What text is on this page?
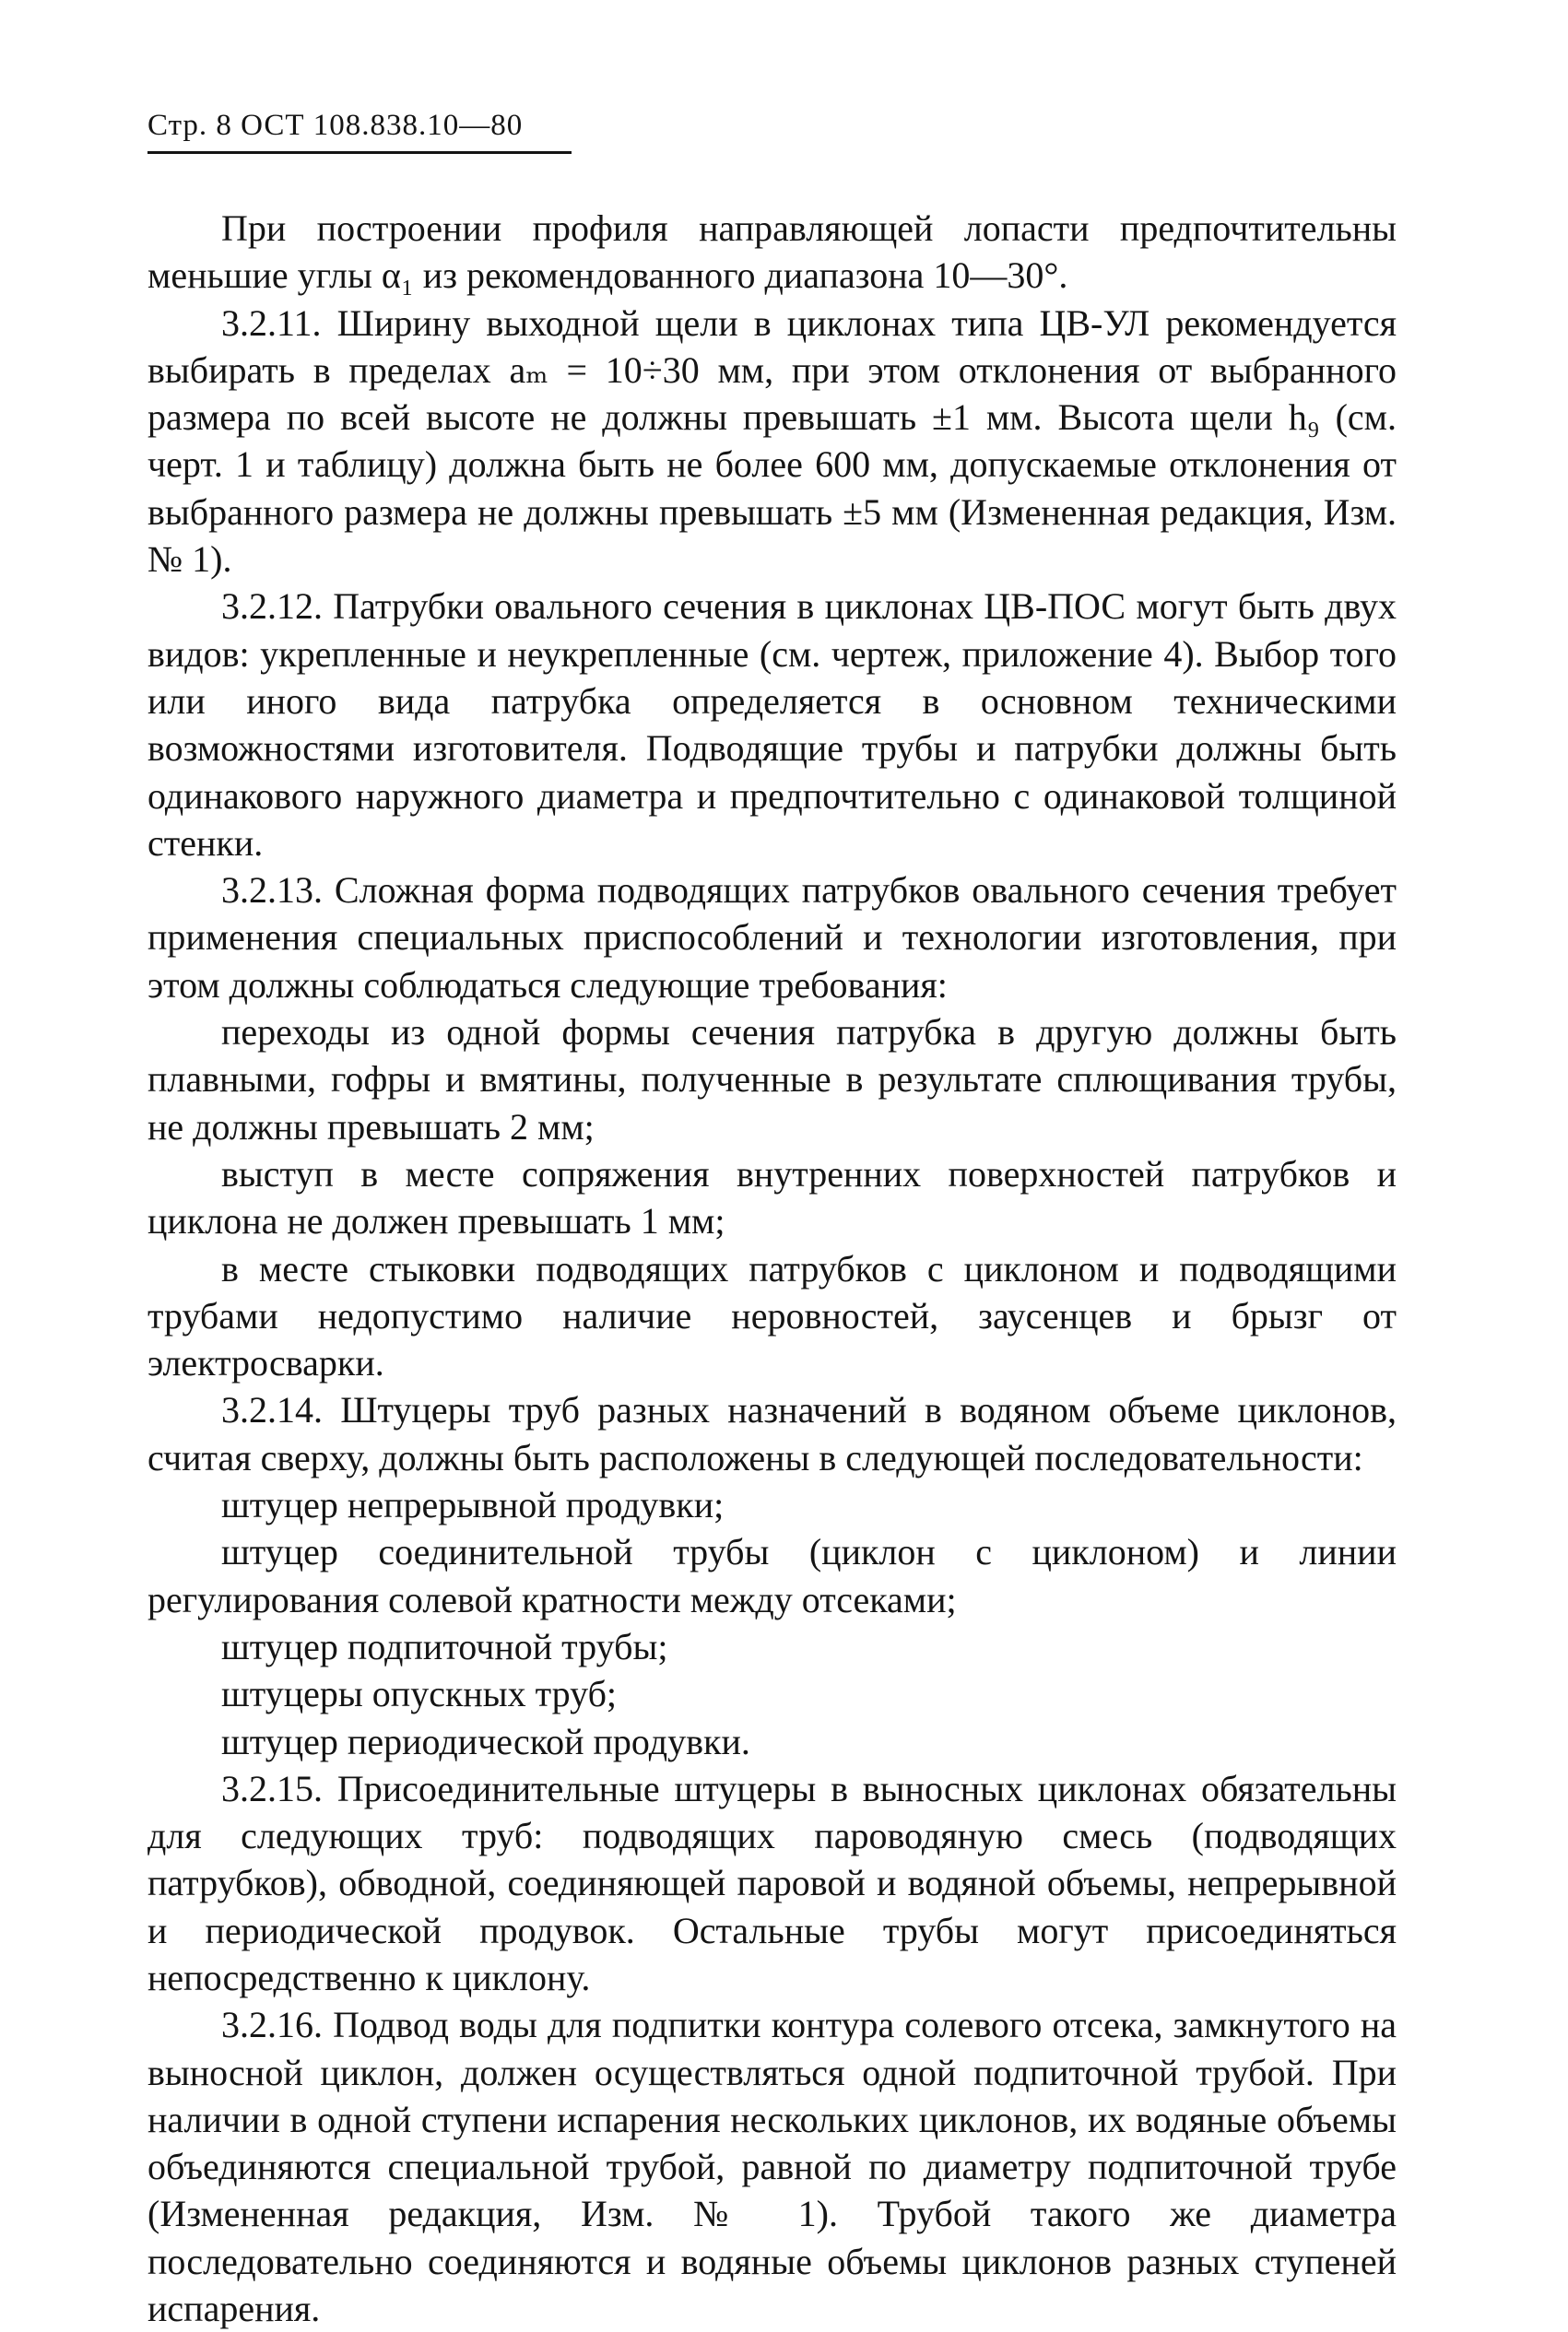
Стр. 8 ОСТ 108.838.10—80

При построении профиля направляющей лопасти предпочтительны меньшие углы α₁ из рекомендованного диапазона 10—30°.

3.2.11. Ширину выходной щели в циклонах типа ЦВ-УЛ рекомендуется выбирать в пределах aₘ = 10÷30 мм, при этом отклонения от выбранного размера по всей высоте не должны превышать ±1 мм. Высота щели h₉ (см. черт. 1 и таблицу) должна быть не более 600 мм, допускаемые отклонения от выбранного размера не должны превышать ±5 мм (Измененная редакция, Изм. № 1).

3.2.12. Патрубки овального сечения в циклонах ЦВ-ПОС могут быть двух видов: укрепленные и неукрепленные (см. чертеж, приложение 4). Выбор того или иного вида патрубка определяется в основном техническими возможностями изготовителя. Подводящие трубы и патрубки должны быть одинакового наружного диаметра и предпочтительно с одинаковой толщиной стенки.

3.2.13. Сложная форма подводящих патрубков овального сечения требует применения специальных приспособлений и технологии изготовления, при этом должны соблюдаться следующие требования:

переходы из одной формы сечения патрубка в другую должны быть плавными, гофры и вмятины, полученные в результате сплющивания трубы, не должны превышать 2 мм;

выступ в месте сопряжения внутренних поверхностей патрубков и циклона не должен превышать 1 мм;

в месте стыковки подводящих патрубков с циклоном и подводящими трубами недопустимо наличие неровностей, заусенцев и брызг от электросварки.

3.2.14. Штуцеры труб разных назначений в водяном объеме циклонов, считая сверху, должны быть расположены в следующей последовательности:

штуцер непрерывной продувки;

штуцер соединительной трубы (циклон с циклоном) и линии регулирования солевой кратности между отсеками;

штуцер подпиточной трубы;

штуцеры опускных труб;

штуцер периодической продувки.

3.2.15. Присоединительные штуцеры в выносных циклонах обязательны для следующих труб: подводящих пароводяную смесь (подводящих патрубков), обводной, соединяющей паровой и водяной объемы, непрерывной и периодической продувок. Остальные трубы могут присоединяться непосредственно к циклону.

3.2.16. Подвод воды для подпитки контура солевого отсека, замкнутого на выносной циклон, должен осуществляться одной подпиточной трубой. При наличии в одной ступени испарения нескольких циклонов, их водяные объемы объединяются специальной трубой, равной по диаметру подпиточной трубе (Измененная редакция, Изм. № 1). Трубой такого же диаметра последовательно соединяются и водяные объемы циклонов разных ступеней испарения.
